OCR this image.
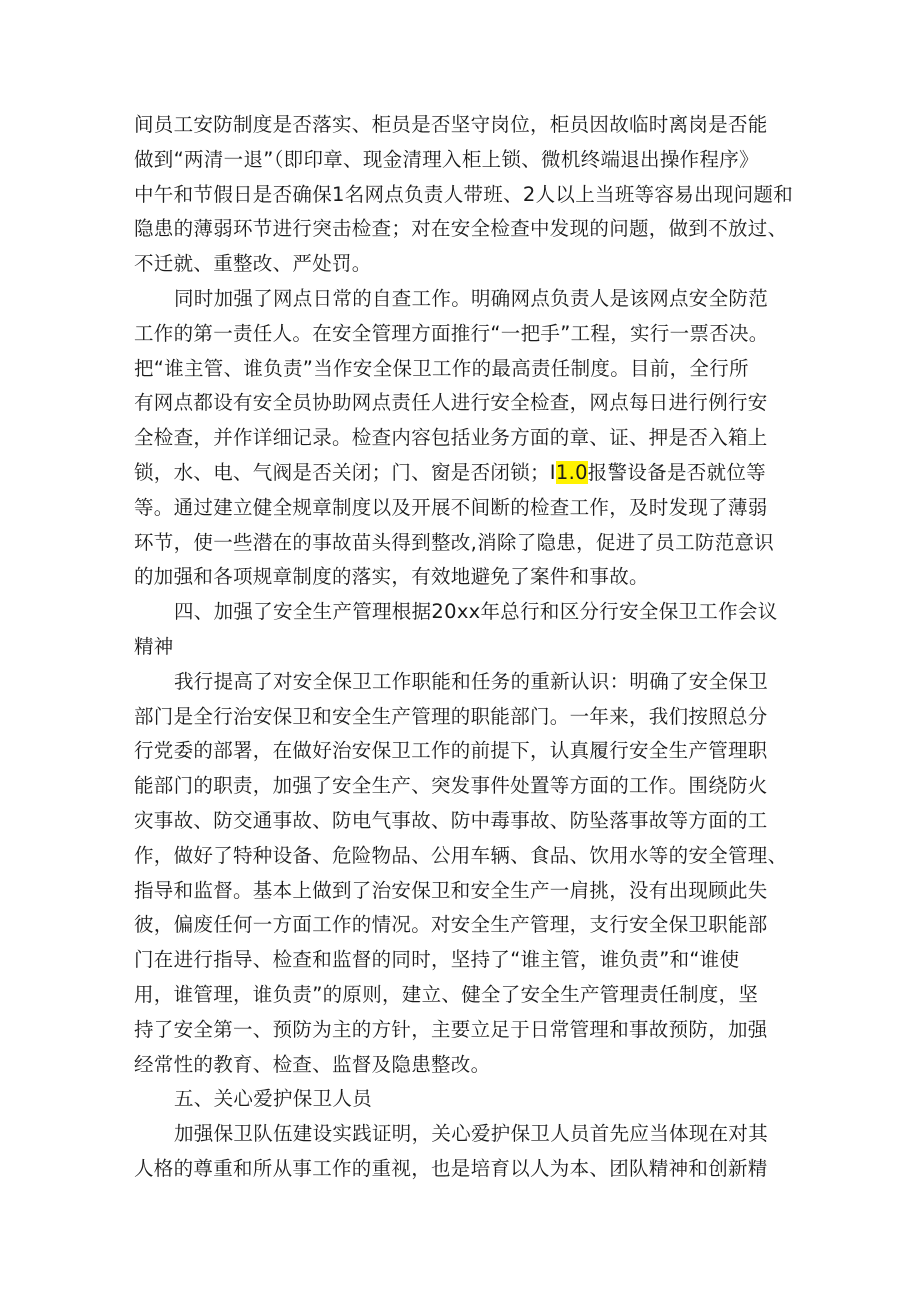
间员工安防制度是否落实、柜员是否坚守岗位，柜员因故临时离岗是否能
做到“两清一退”（即印章、现金清理入柜上锁、微机终端退出操作程序》
中午和节假日是否确保1名网点负责人带班、2人以上当班等容易出现问题和
隐患的薄弱环节进行突击检查；对在安全检查中发现的问题，做到不放过、
不迁就、重整改、严处罚。
同时加强了网点日常的自查工作。明确网点负责人是该网点安全防范
工作的第一责任人。在安全管理方面推行“一把手”工程，实行一票否决。
把“谁主管、谁负责”当作安全保卫工作的最高责任制度。目前，全行所
有网点都设有安全员协助网点责任人进行安全检查，网点每日进行例行安
全检查，并作详细记录。检查内容包括业务方面的章、证、押是否入箱上
锁，水、电、气阀是否关闭；门、窗是否闭锁；I1.0报警设备是否就位等
等。通过建立健全规章制度以及开展不间断的检查工作，及时发现了薄弱
环节，使一些潜在的事故苗头得到整改,消除了隐患，促进了员工防范意识
的加强和各项规章制度的落实，有效地避免了案件和事故。
四、加强了安全生产管理根据20xx年总行和区分行安全保卫工作会议
精神
我行提高了对安全保卫工作职能和任务的重新认识：明确了安全保卫
部门是全行治安保卫和安全生产管理的职能部门。一年来，我们按照总分
行党委的部署，在做好治安保卫工作的前提下，认真履行安全生产管理职
能部门的职责，加强了安全生产、突发事件处置等方面的工作。围绕防火
灾事故、防交通事故、防电气事故、防中毒事故、防坠落事故等方面的工
作，做好了特种设备、危险物品、公用车辆、食品、饮用水等的安全管理、
指导和监督。基本上做到了治安保卫和安全生产一肩挑，没有出现顾此失
彼，偏废任何一方面工作的情况。对安全生产管理，支行安全保卫职能部
门在进行指导、检查和监督的同时，坚持了“谁主管，谁负责”和“谁使
用，谁管理，谁负责”的原则，建立、健全了安全生产管理责任制度，坚
持了安全第一、预防为主的方针，主要立足于日常管理和事故预防，加强
经常性的教育、检查、监督及隐患整改。
五、关心爱护保卫人员
加强保卫队伍建设实践证明，关心爱护保卫人员首先应当体现在对其
人格的尊重和所从事工作的重视，也是培育以人为本、团队精神和创新精
